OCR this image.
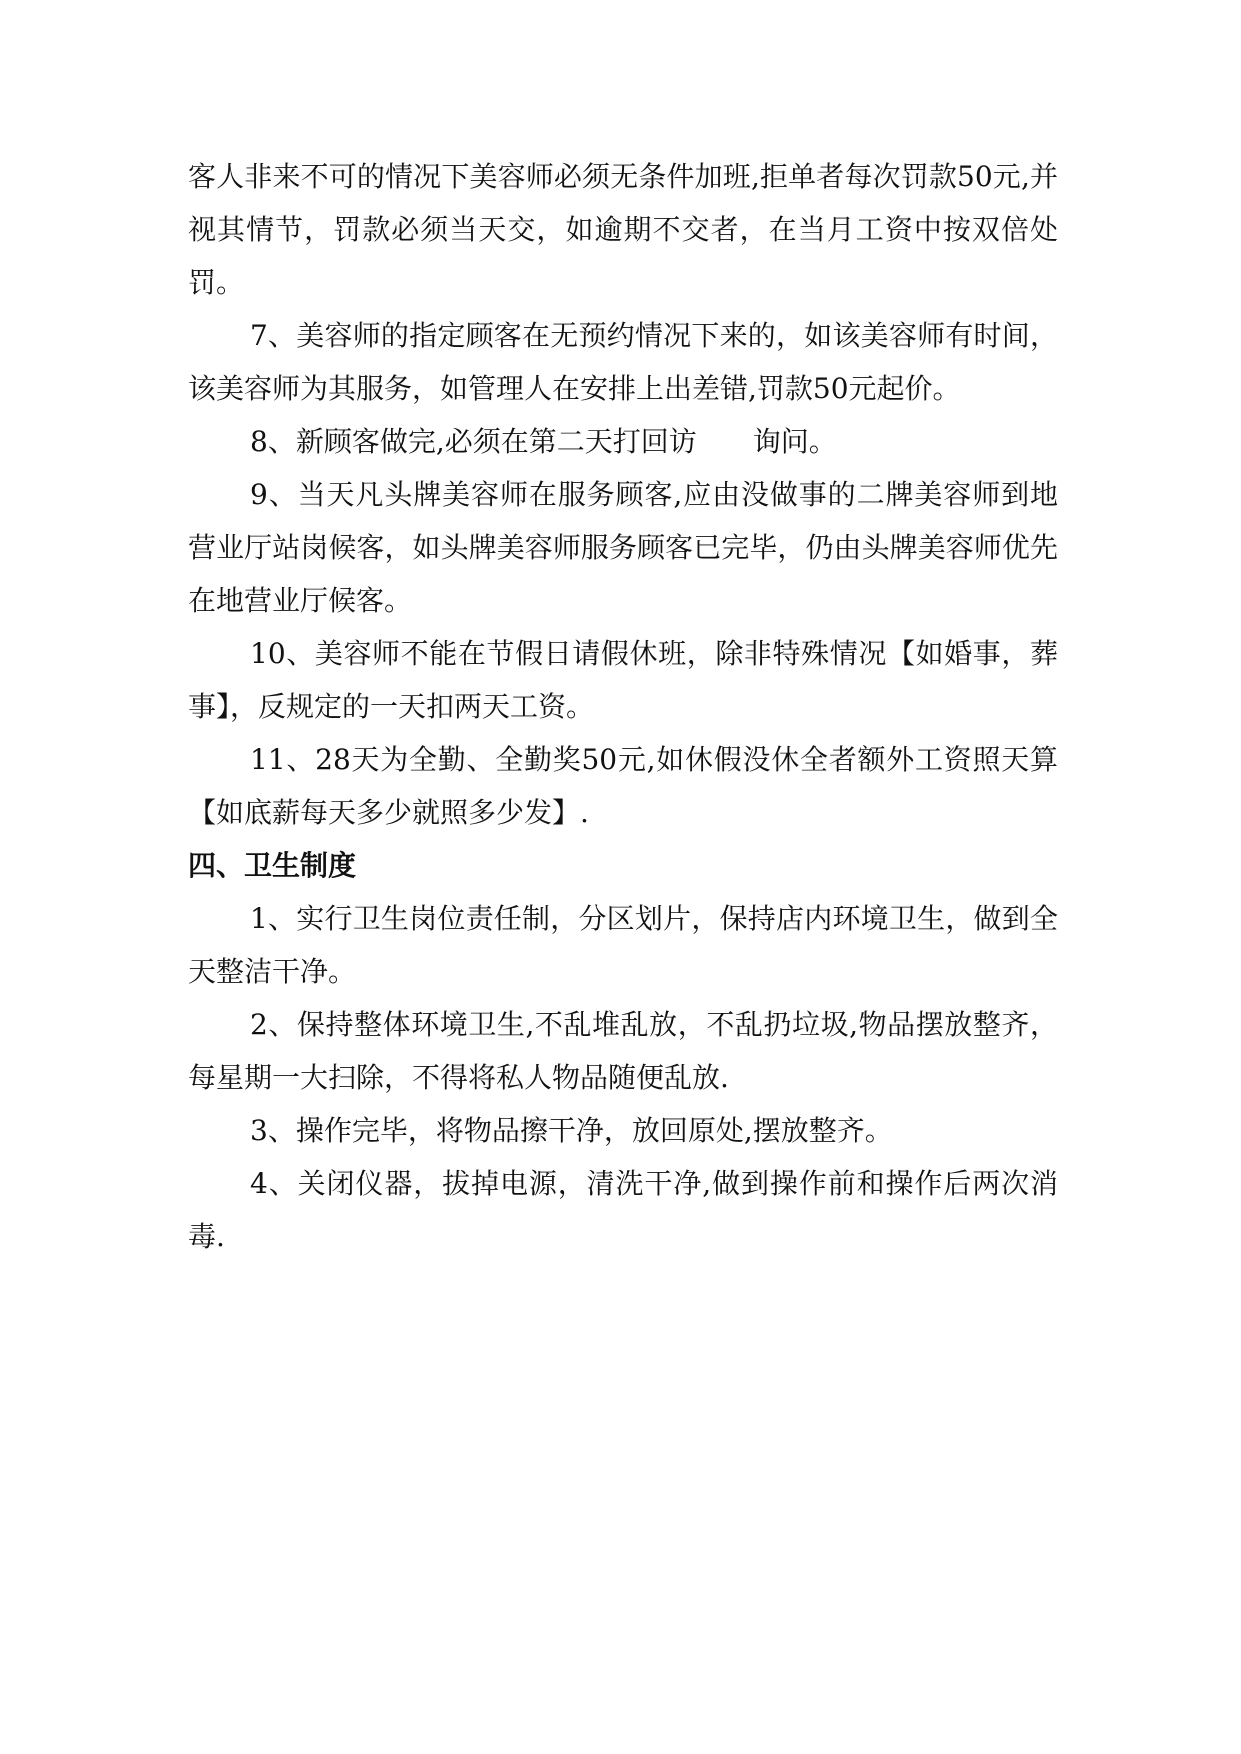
客人非来不可的情况下美容师必须无条件加班,拒单者每次罚款50元,并视其情节，罚款必须当天交，如逾期不交者，在当月工资中按双倍处罚。

7、美容师的指定顾客在无预约情况下来的，如该美容师有时间，该美容师为其服务，如管理人在安排上出差错,罚款50元起价。

8、新顾客做完,必须在第二天打回访　　询问。

9、当天凡头牌美容师在服务顾客,应由没做事的二牌美容师到地营业厅站岗候客，如头牌美容师服务顾客已完毕，仍由头牌美容师优先在地营业厅候客。

10、美容师不能在节假日请假休班，除非特殊情况【如婚事，葬事】，反规定的一天扣两天工资。

11、28天为全勤、全勤奖50元,如休假没休全者额外工资照天算【如底薪每天多少就照多少发】.

四、卫生制度

1、实行卫生岗位责任制，分区划片，保持店内环境卫生，做到全天整洁干净。

2、保持整体环境卫生,不乱堆乱放，不乱扔垃圾,物品摆放整齐，每星期一大扫除，不得将私人物品随便乱放.

3、操作完毕，将物品擦干净，放回原处,摆放整齐。

4、关闭仪器，拔掉电源，清洗干净,做到操作前和操作后两次消毒.
